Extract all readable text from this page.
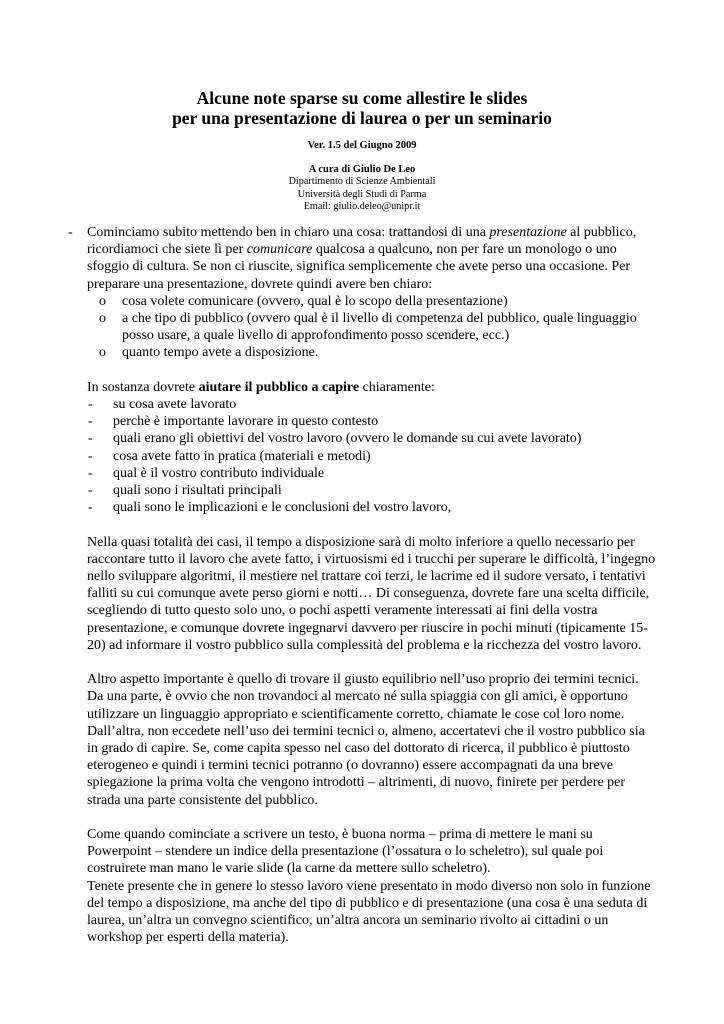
Alcune note sparse su come allestire le slides
per una presentazione di laurea o per un seminario
Ver. 1.5 del Giugno 2009
A cura di Giulio De Leo
Dipartimento di Scienze Ambientali
Università degli Studi di Parma
Email: giulio.deleo@unipr.it
- Cominciamo subito mettendo ben in chiaro una cosa: trattandosi di una presentazione al pubblico, ricordiamoci che siete lì per comunicare qualcosa a qualcuno, non per fare un monologo o uno sfoggio di cultura. Se non ci riuscite, significa semplicemente che avete perso una occasione. Per preparare una presentazione, dovrete quindi avere ben chiaro:

o cosa volete comunicare (ovvero, qual è lo scopo della presentazione)
o a che tipo di pubblico (ovvero qual è il livello di competenza del pubblico, quale linguaggio posso usare, a quale livello di approfondimento posso scendere, ecc.)
o quanto tempo avete a disposizione.

In sostanza dovrete aiutare il pubblico a capire chiaramente:

- su cosa avete lavorato
- perchè è importante lavorare in questo contesto
- quali erano gli obiettivi del vostro lavoro (ovvero le domande su cui avete lavorato)
- cosa avete fatto in pratica (materiali e metodi)
- qual è il vostro contributo individuale
- quali sono i risultati principali
- quali sono le implicazioni e le conclusioni del vostro lavoro,

Nella quasi totalità dei casi, il tempo a disposizione sarà di molto inferiore a quello necessario per raccontare tutto il lavoro che avete fatto, i virtuosismi ed i trucchi per superare le difficoltà, l’ingegno nello sviluppare algoritmi, il mestiere nel trattare coi terzi, le lacrime ed il sudore versato, i tentativi falliti su cui comunque avete perso giorni e notti… Di conseguenza, dovrete fare una scelta difficile, scegliendo di tutto questo solo uno, o pochi aspetti veramente interessati ai fini della vostra presentazione, e comunque dovrete ingegnarvi davvero per riuscire in pochi minuti (tipicamente 15-20) ad informare il vostro pubblico sulla complessità del problema e la ricchezza del vostro lavoro.

Altro aspetto importante è quello di trovare il giusto equilibrio nell’uso proprio dei termini tecnici. Da una parte, è ovvio che non trovandoci al mercato né sulla spiaggia con gli amici, è opportuno utilizzare un linguaggio appropriato e scientificamente corretto, chiamate le cose col loro nome. Dall’altra, non eccedete nell’uso dei termini tecnici o, almeno, accertatevi che il vostro pubblico sia in grado di capire. Se, come capita spesso nel caso del dottorato di ricerca, il pubblico è piuttosto eterogeneo e quindi i termini tecnici potranno (o dovranno) essere accompagnati da una breve spiegazione la prima volta che vengono introdotti – altrimenti, di nuovo, finirete per perdere per strada una parte consistente del pubblico.

Come quando cominciate a scrivere un testo, è buona norma – prima di mettere le mani su Powerpoint – stendere un indice della presentazione (l’ossatura o lo scheletro), sul quale poi costruirete man mano le varie slide (la carne da mettere sullo scheletro).

Tenete presente che in genere lo stesso lavoro viene presentato in modo diverso non solo in funzione del tempo a disposizione, ma anche del tipo di pubblico e di presentazione (una cosa è una seduta di laurea, un’altra un convegno scientifico, un’altra ancora un seminario rivolto ai cittadini o un workshop per esperti della materia).
